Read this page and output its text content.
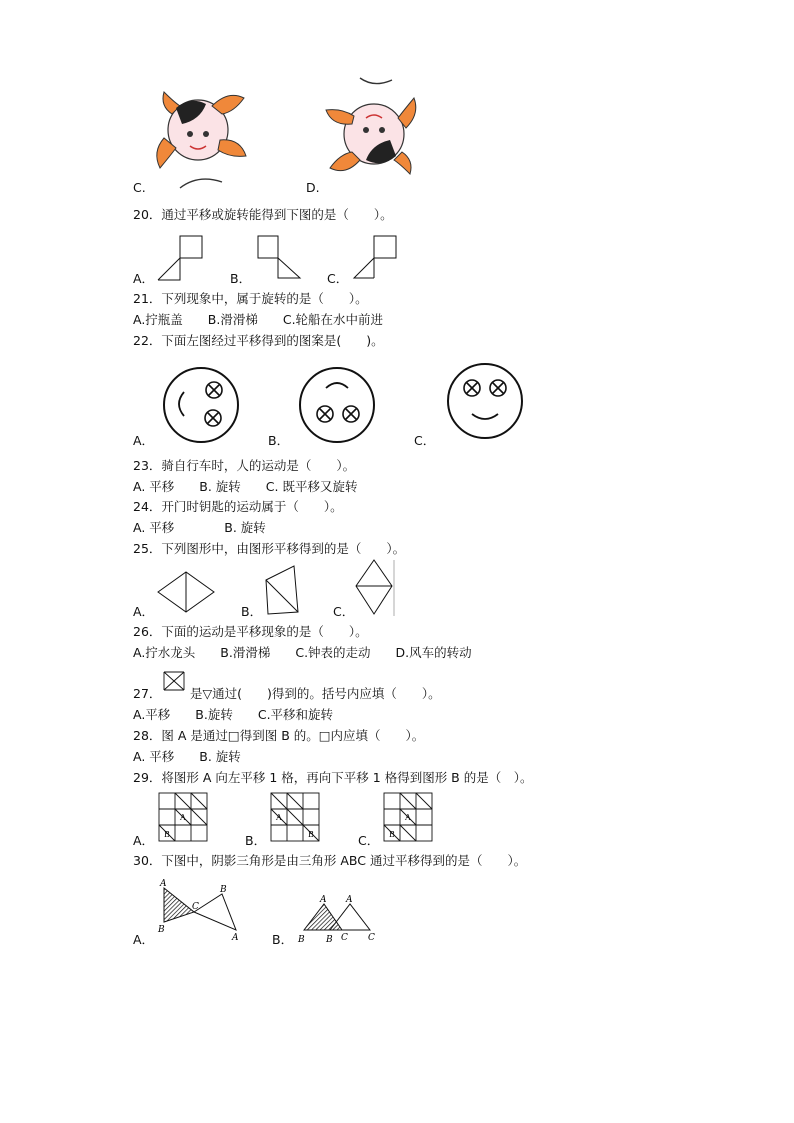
C.	D.
20．通过平移或旋转能得到下图的是（　　）。
A．	B．	C．
21．下列现象中，属于旋转的是（　　）。
A.拧瓶盖　　B.滑滑梯　　C.轮船在水中前进
22．下面左图经过平移得到的图案是(　　)。
A．	B．	C．
23．骑自行车时，人的运动是（　　）。
A. 平移　　B. 旋转　　C. 既平移又旋转
24．开门时钥匙的运动属于（　　）。
A. 平移　　　　B. 旋转
25．下列图形中，由图形平移得到的是（　　）。
A．	B．	C．
26．下面的运动是平移现象的是（　　）。
A.拧水龙头　　B.滑滑梯　　C.钟表的走动　　D.风车的转动
27． 是▽通过(　　)得到的。括号内应填（　　）。
A.平移　　B.旋转　　C.平移和旋转
28．图 A 是通过□得到图 B 的。□内应填（　　）。
A. 平移　　B. 旋转
29．将图形 A 向左平移 1 格，再向下平移 1 格得到图形 B 的是（　）。
A
B
A．
A
B
B．
A
B
C．
30．下图中，阴影三角形是由三角形 ABC 通过平移得到的是（　　）。
A
B
C
B
A
A．
A A
B B C C
B．
